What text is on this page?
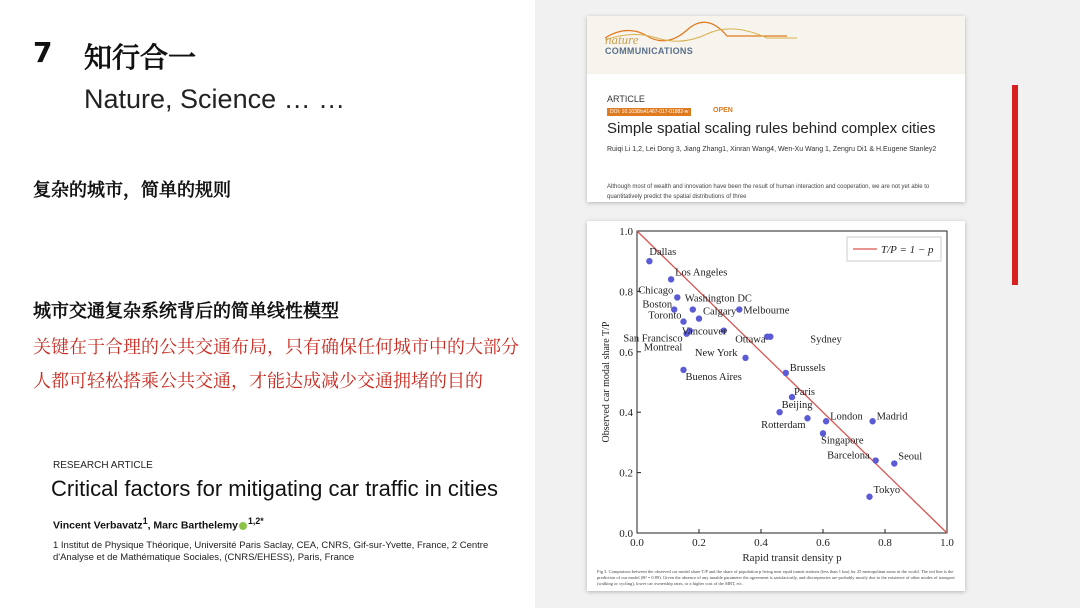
7 知行合一
Nature, Science … …
复杂的城市，简单的规则
城市交通复杂系统背后的简单线性模型
关键在于合理的公共交通布局，只有确保任何城市中的大部分人都可轻松搭乘公共交通，才能达成减少交通拥堵的目的
RESEARCH ARTICLE
Critical factors for mitigating car traffic in cities
Vincent Verbavatz$^1$, Marc Barthelemy $^{1,2*}$
1 Institut de Physique Théorique, Université Paris Saclay, CEA, CNRS, Gif-sur-Yvette, France, 2 Centre d'Analyse et de Mathématique Sociales, (CNRS/EHESS), Paris, France
nature
COMMUNICATIONS
ARTICLE
DOI: 10.1038/s41467-017-01882-w	OPEN
Simple spatial scaling rules behind complex cities
Ruiqi Li 1,2, Lei Dong 3, Jiang Zhang1, Xinran Wang4, Wen-Xu Wang 1, Zengru Di1 & H.Eugene Stanley2
Although most of wealth and innovation have been the result of human interaction and cooperation, we are not yet able to quantitatively predict the spatial distributions of three
0.0	0.2	0.4	0.6	0.8	1.0
0.0
0.2
0.4
0.6
0.8
1.0
Rapid transit density p
Observed car modal share T/P
T/P = 1 − p
Dallas
Los Angeles
Chicago
Boston
Washington DC
Toronto Calgary Melbourne
Vancouver
San Francisco
Montreal
Ottawa	Sydney
New York
Buenos Aires
Brussels
Paris
Beijing
Rotterdam
London Madrid
Singapore
Barcelona	Seoul
Tokyo
Fig 3. Comparison between the observed car modal share T/P and the share of population p living near rapid transit stations (less than 1 km) for 25 metropolitan areas in the world. The red line is the prediction of our model (R² = 0.89). Given the absence of any tunable parameter the agreement is satisfactorily, and discrepancies are probably mostly due to the existence of other modes of transport (walking or cycling), lower car ownership rates, or a higher cost of the MRT, etc.
